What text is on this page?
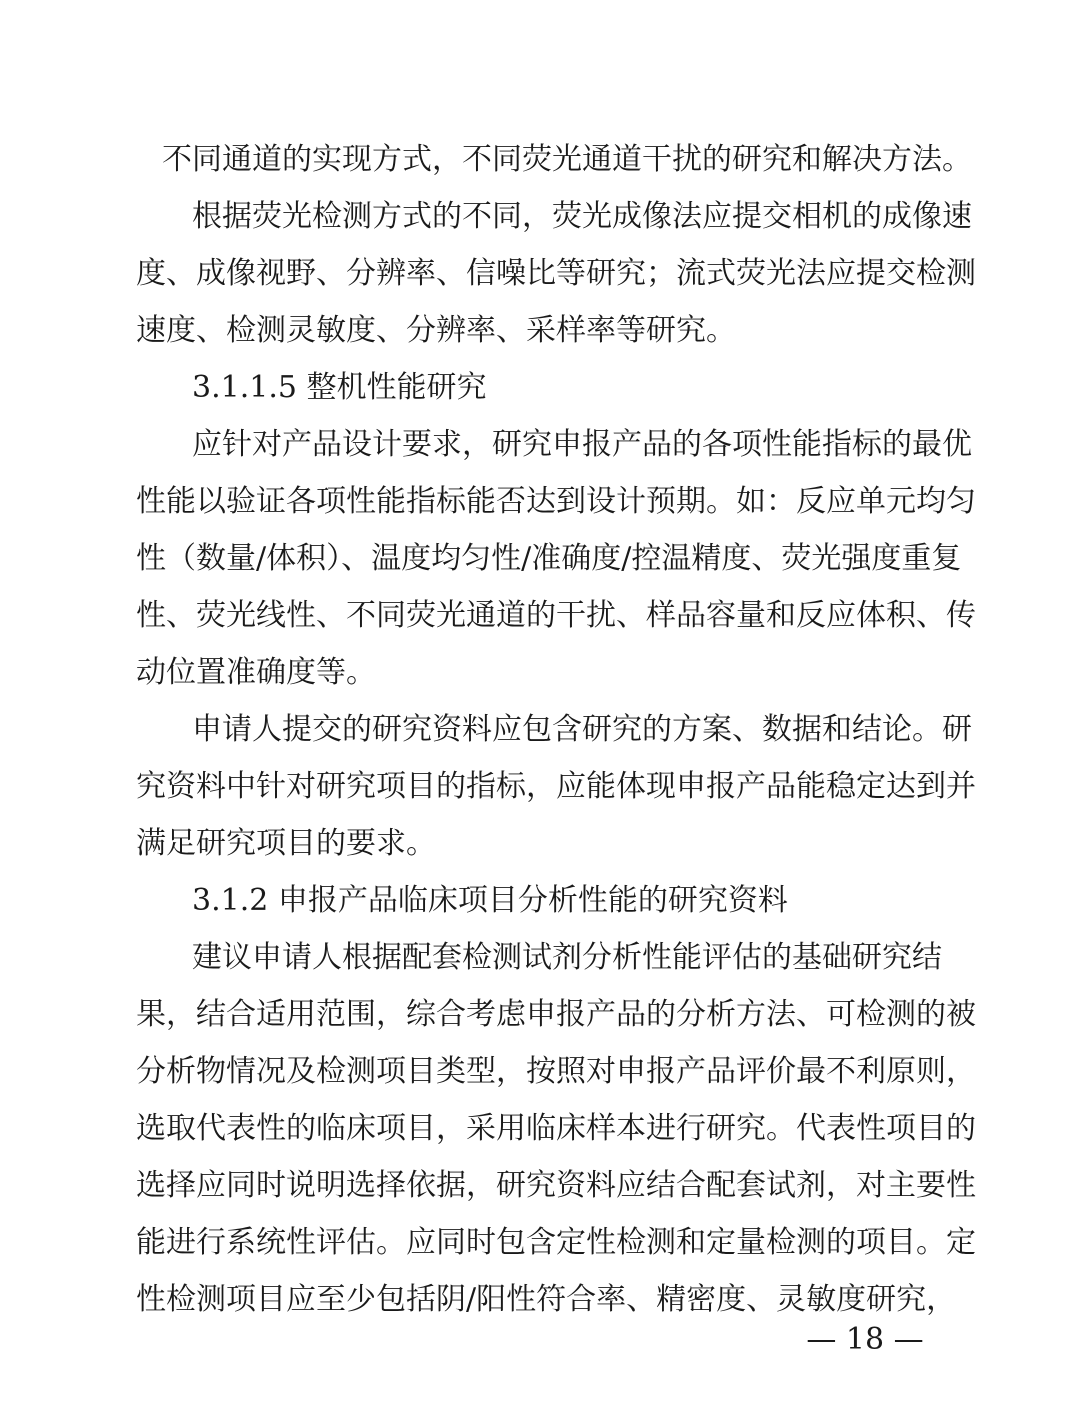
不同通道的实现方式，不同荧光通道干扰的研究和解决方法。
根据荧光检测方式的不同，荧光成像法应提交相机的成像速
度、成像视野、分辨率、信噪比等研究；流式荧光法应提交检测
速度、检测灵敏度、分辨率、采样率等研究。
3.1.1.5 整机性能研究
应针对产品设计要求，研究申报产品的各项性能指标的最优
性能以验证各项性能指标能否达到设计预期。如：反应单元均匀
性（数量/体积）、温度均匀性/准确度/控温精度、荧光强度重复
性、荧光线性、不同荧光通道的干扰、样品容量和反应体积、传
动位置准确度等。
申请人提交的研究资料应包含研究的方案、数据和结论。研
究资料中针对研究项目的指标，应能体现申报产品能稳定达到并
满足研究项目的要求。
3.1.2 申报产品临床项目分析性能的研究资料
建议申请人根据配套检测试剂分析性能评估的基础研究结
果，结合适用范围，综合考虑申报产品的分析方法、可检测的被
分析物情况及检测项目类型，按照对申报产品评价最不利原则，
选取代表性的临床项目，采用临床样本进行研究。代表性项目的
选择应同时说明选择依据，研究资料应结合配套试剂，对主要性
能进行系统性评估。应同时包含定性检测和定量检测的项目。定
性检测项目应至少包括阴/阳性符合率、精密度、灵敏度研究，
— 18 —
